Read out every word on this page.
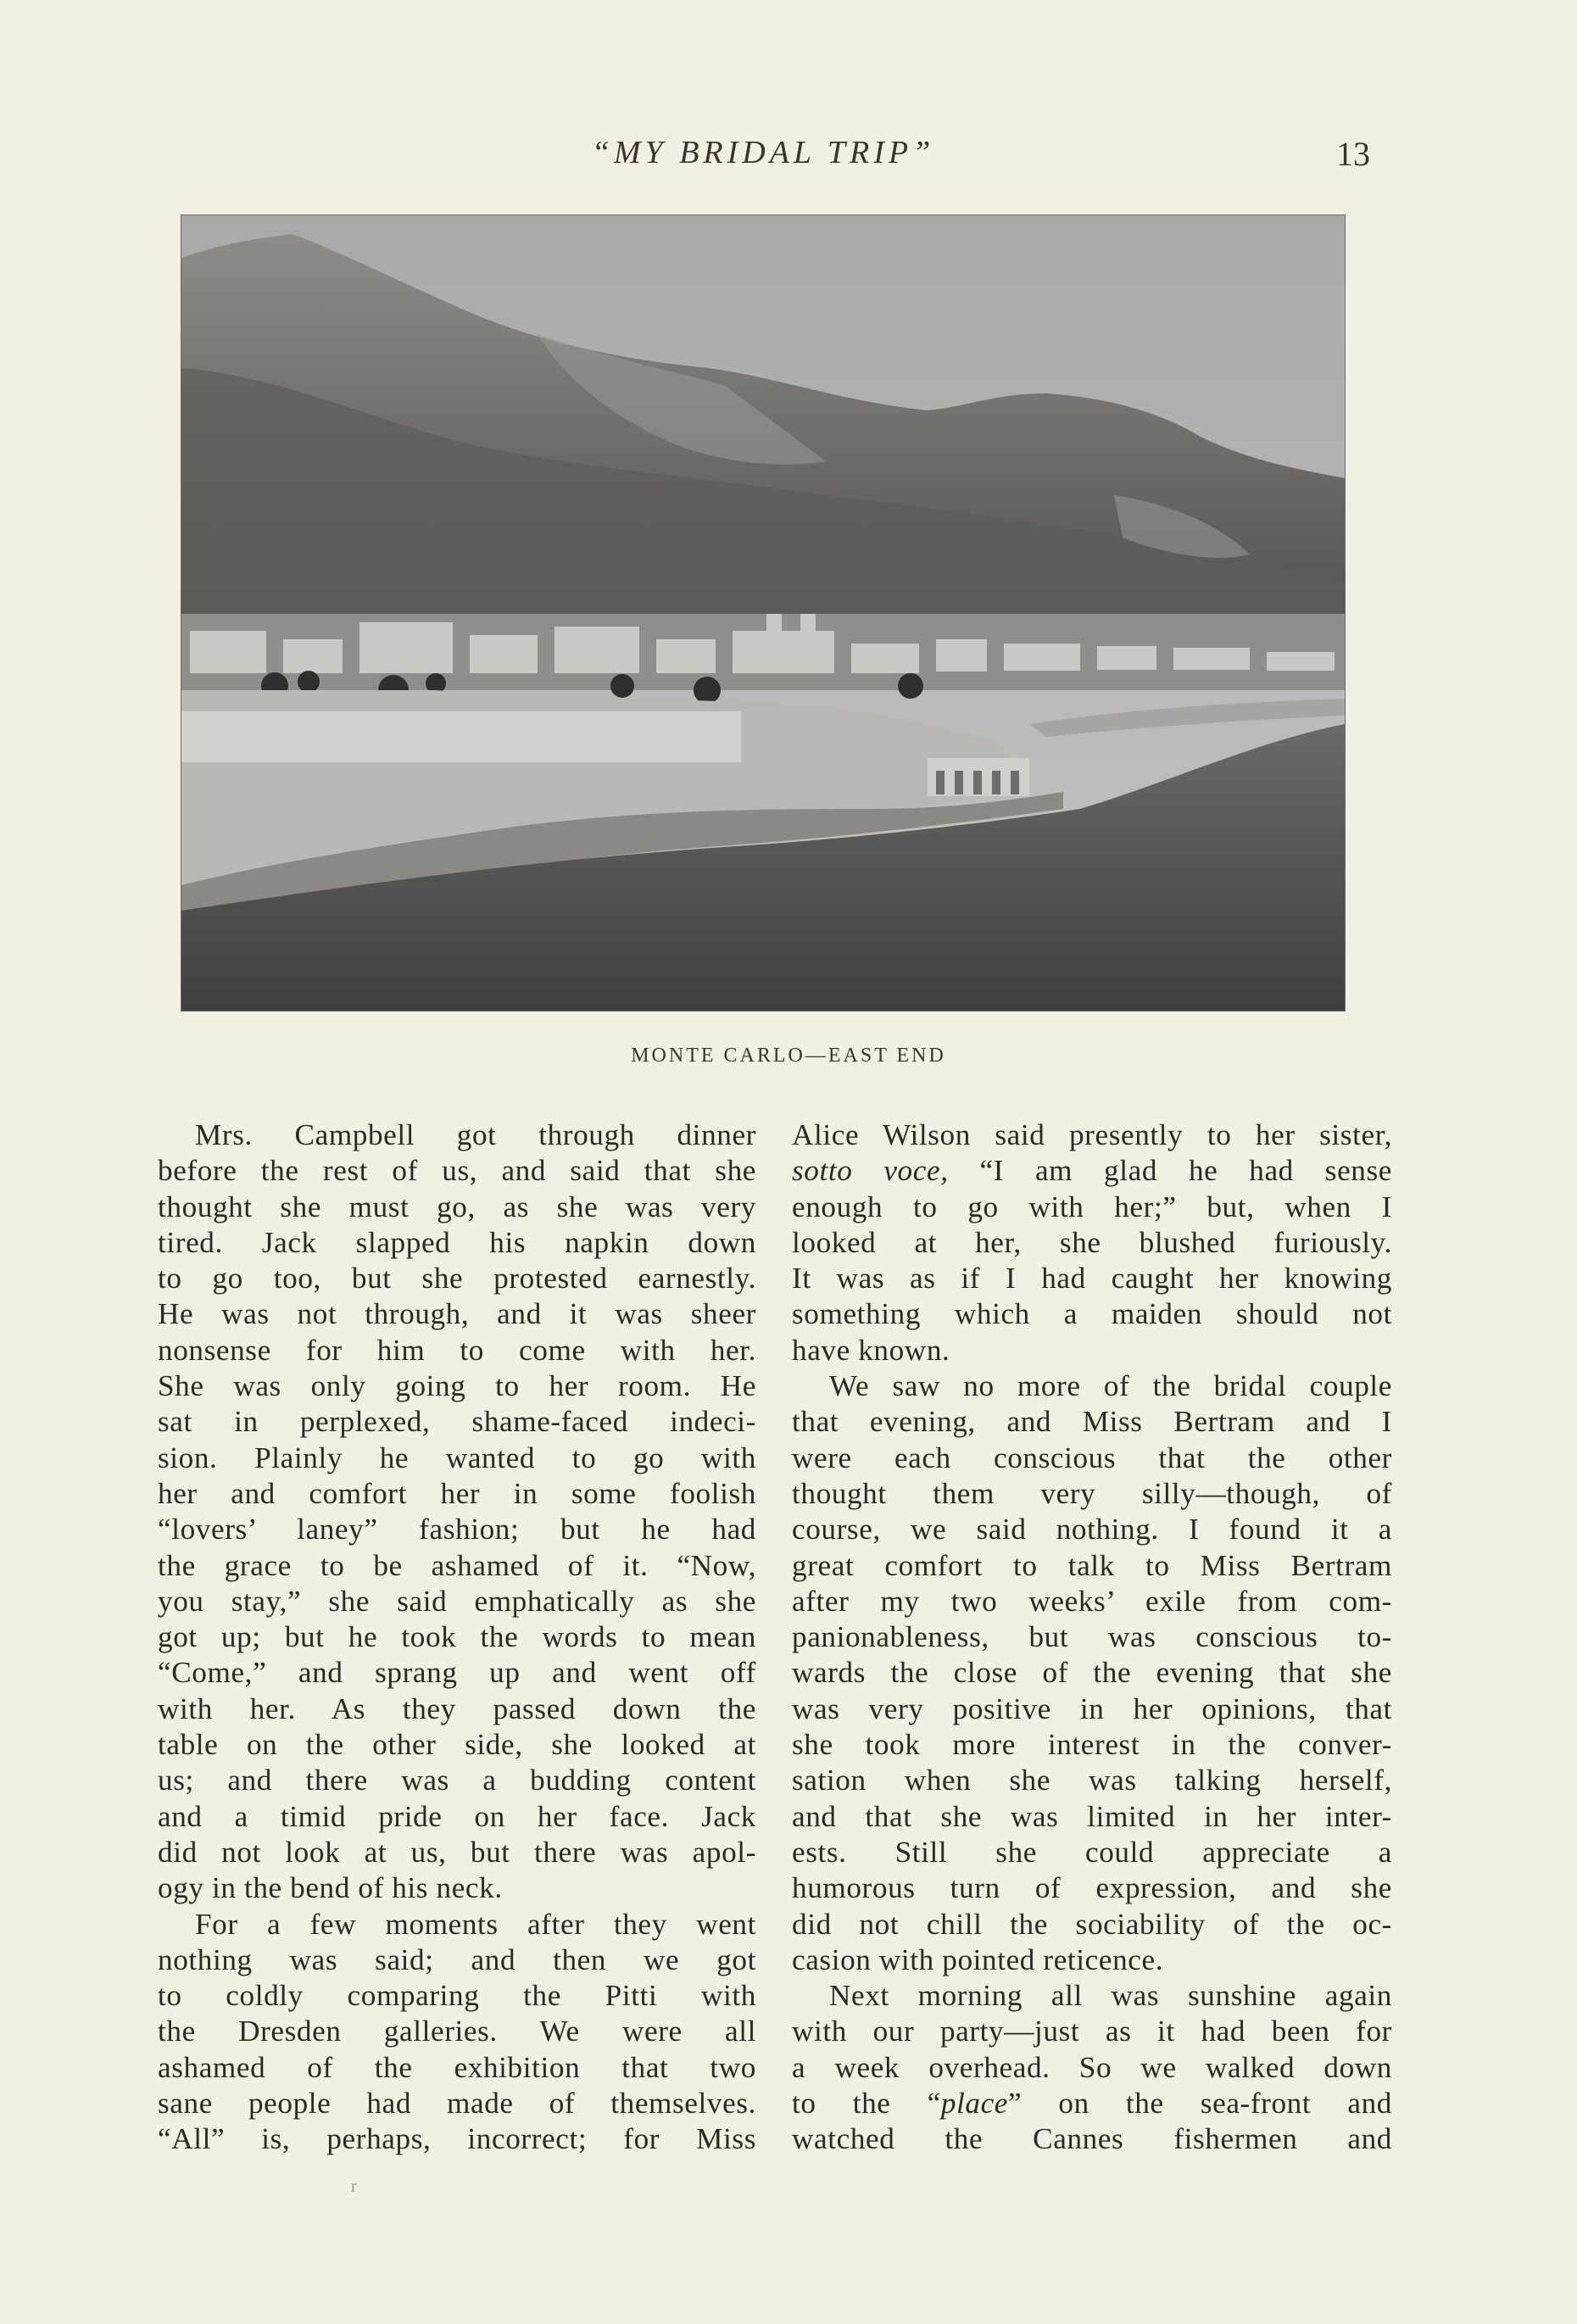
“MY BRIDAL TRIP”	13
MONTE CARLO—EAST END

Mrs. Campbell got through dinner
before the rest of us, and said that she
thought she must go, as she was very
tired. Jack slapped his napkin down
to go too, but she protested earnestly.
He was not through, and it was sheer
nonsense for him to come with her.
She was only going to her room. He
sat in perplexed, shame-faced indeci-
sion. Plainly he wanted to go with
her and comfort her in some foolish
“lovers’ laney” fashion; but he had
the grace to be ashamed of it. “Now,
you stay,” she said emphatically as she
got up; but he took the words to mean
“Come,” and sprang up and went off
with her. As they passed down the
table on the other side, she looked at
us; and there was a budding content
and a timid pride on her face. Jack
did not look at us, but there was apol-
ogy in the bend of his neck.

For a few moments after they went
nothing was said; and then we got
to coldly comparing the Pitti with
the Dresden galleries. We were all
ashamed of the exhibition that two
sane people had made of themselves.
“All” is, perhaps, incorrect; for Miss

Alice Wilson said presently to her sister,
sotto voce, “I am glad he had sense
enough to go with her;” but, when I
looked at her, she blushed furiously.
It was as if I had caught her knowing
something which a maiden should not
have known.

We saw no more of the bridal couple
that evening, and Miss Bertram and I
were each conscious that the other
thought them very silly—though, of
course, we said nothing. I found it a
great comfort to talk to Miss Bertram
after my two weeks’ exile from com-
panionableness, but was conscious to-
wards the close of the evening that she
was very positive in her opinions, that
she took more interest in the conver-
sation when she was talking herself,
and that she was limited in her inter-
ests. Still she could appreciate a
humorous turn of expression, and she
did not chill the sociability of the oc-
casion with pointed reticence.

Next morning all was sunshine again
with our party—just as it had been for
a week overhead. So we walked down
to the “place” on the sea-front and
watched the Cannes fishermen and

r
